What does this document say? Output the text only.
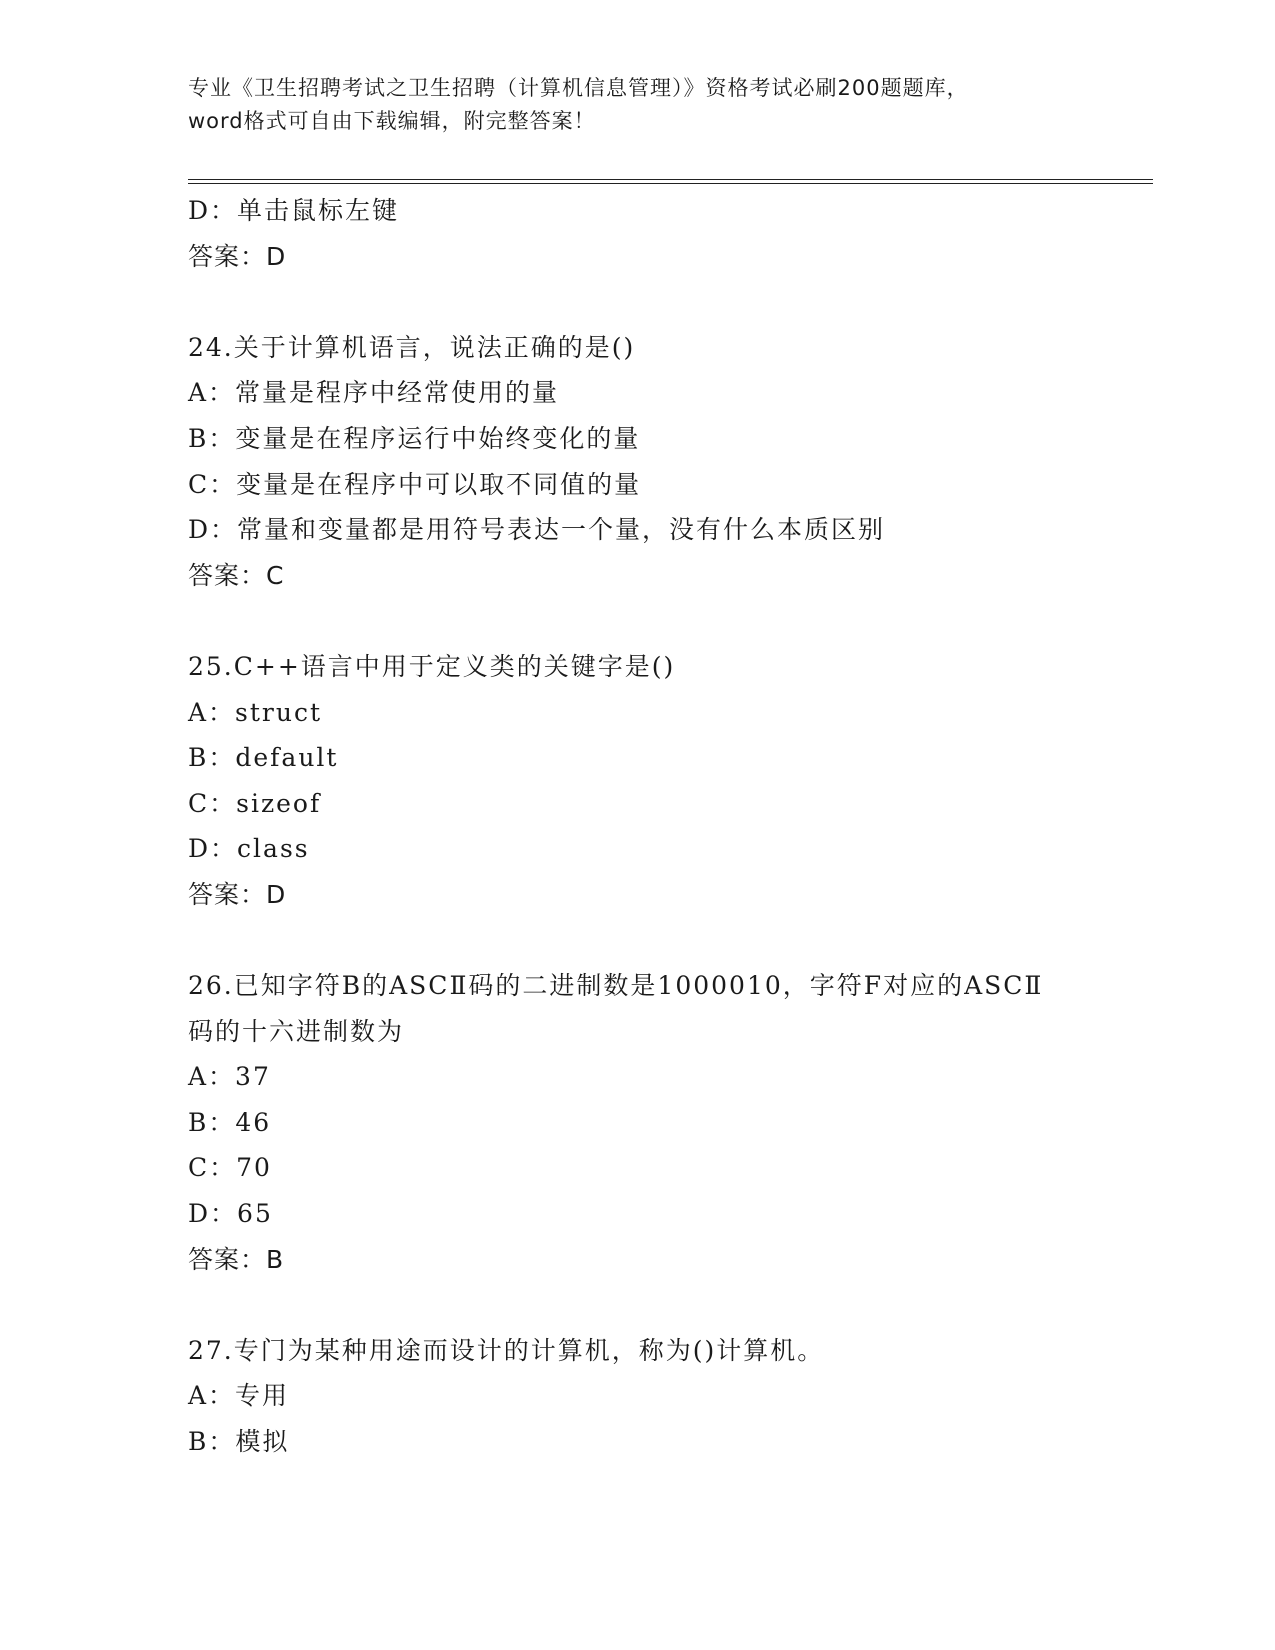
专业《卫生招聘考试之卫生招聘（计算机信息管理）》资格考试必刷200题题库，
word格式可自由下载编辑，附完整答案！
D：单击鼠标左键
答案：D
24.关于计算机语言，说法正确的是()
A：常量是程序中经常使用的量
B：变量是在程序运行中始终变化的量
C：变量是在程序中可以取不同值的量
D：常量和变量都是用符号表达一个量，没有什么本质区别
答案：C
25.C++语言中用于定义类的关键字是()
A：struct
B：default
C：sizeof
D：class
答案：D
26.已知字符B的ASCⅡ码的二进制数是1000010，字符F对应的ASCⅡ
码的十六进制数为
A：37
B：46
C：70
D：65
答案：B
27.专门为某种用途而设计的计算机，称为()计算机。
A：专用
B：模拟
